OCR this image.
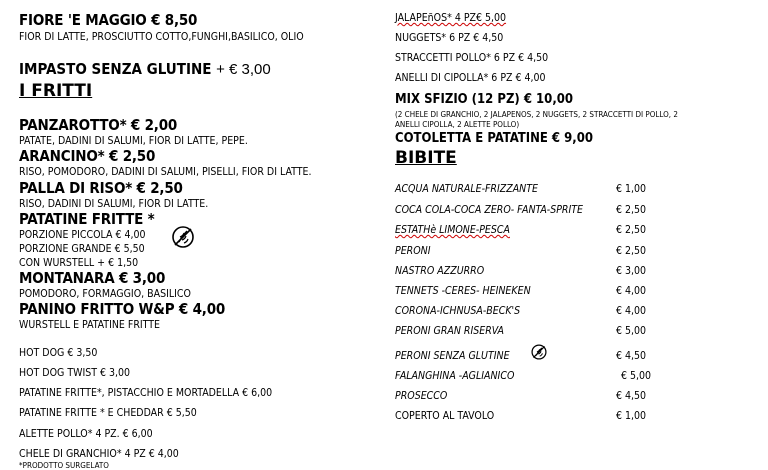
FIORE 'E MAGGIO € 8,50
FIOR DI LATTE, PROSCIUTTO COTTO,FUNGHI,BASILICO, OLIO
IMPASTO SENZA GLUTINE + € 3,00
I FRITTI
PANZAROTTO* € 2,00
PATATE, DADINI DI SALUMI, FIOR DI LATTE, PEPE.
ARANCINO* € 2,50
RISO, POMODORO, DADINI DI SALUMI, PISELLI, FIOR DI LATTE.
PALLA DI RISO* € 2,50
RISO, DADINI DI SALUMI, FIOR DI LATTE.
PATATINE FRITTE *
PORZIONE PICCOLA € 4,00
PORZIONE GRANDE € 5,50
CON WURSTELL + € 1,50
MONTANARA € 3,00
POMODORO, FORMAGGIO, BASILICO
PANINO FRITTO W&P € 4,00
WURSTELL E PATATINE FRITTE
HOT DOG € 3,50
HOT DOG TWIST € 3,00
PATATINE FRITTE*, PISTACCHIO E MORTADELLA € 6,00
PATATINE FRITTE * E CHEDDAR € 5,50
ALETTE POLLO* 4 PZ. € 6,00
CHELE DI GRANCHIO* 4 PZ € 4,00
*PRODOTTO SURGELATO
JALAPEñOS* 4 PZ€ 5,00
NUGGETS* 6 PZ € 4,50
STRACCETTI POLLO* 6 PZ € 4,50
ANELLI DI CIPOLLA* 6 PZ € 4,00
MIX SFIZIO (12 PZ) € 10,00
(2 CHELE DI GRANCHIO, 2 JALAPENOS, 2 NUGGETS, 2 STRACCETTI DI POLLO, 2
ANELLI CIPOLLA, 2 ALETTE POLLO)
COTOLETTA E PATATINE € 9,00
BIBITE
ACQUA NATURALE-FRIZZANTE	€ 1,00
COCA COLA-COCA ZERO- FANTA-SPRITE	€ 2,50
ESTATHè LIMONE-PESCA	€ 2,50
PERONI	€ 2,50
NASTRO AZZURRO	€ 3,00
TENNETS -CERES- HEINEKEN	€ 4,00
CORONA-ICHNUSA-BECK'S	€ 4,00
PERONI GRAN RISERVA	€ 5,00
PERONI SENZA GLUTINE	€ 4,50
FALANGHINA -AGLIANICO	€ 5,00
PROSECCO	€ 4,50
COPERTO AL TAVOLO	€ 1,00
